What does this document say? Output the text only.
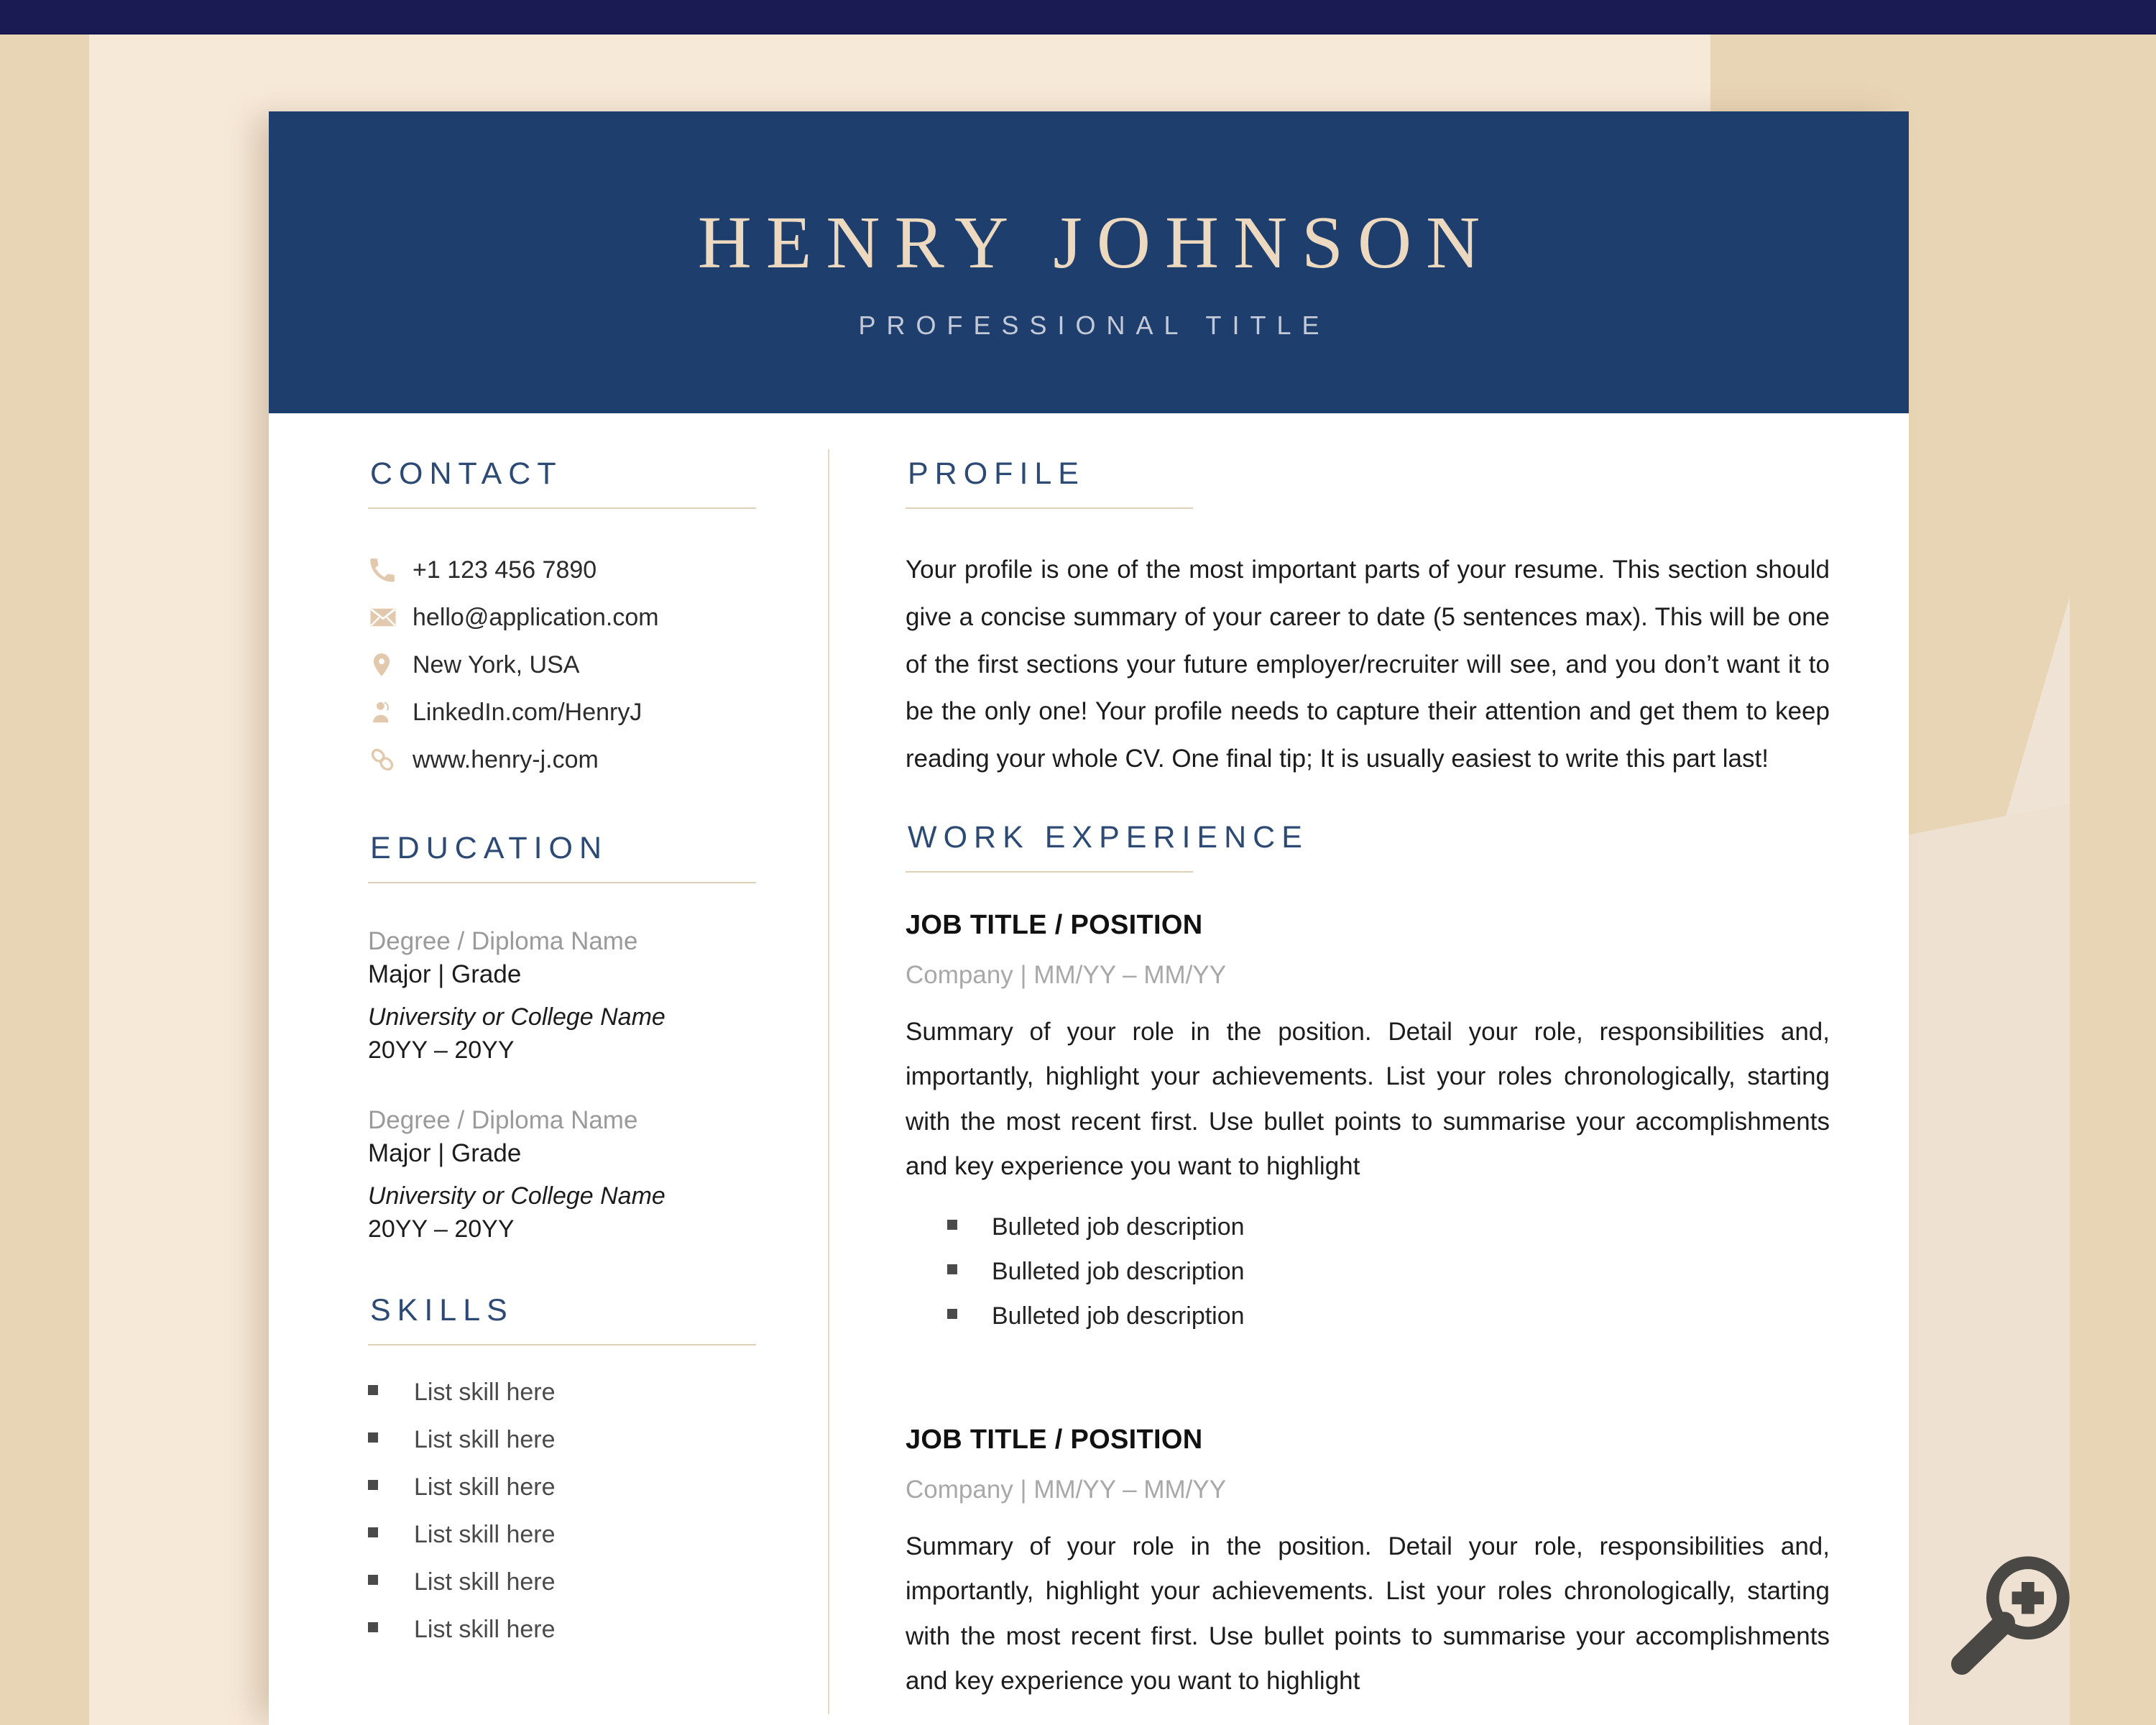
HENRY JOHNSON
PROFESSIONAL TITLE
CONTACT
+1 123 456 7890
hello@application.com
New York, USA
LinkedIn.com/HenryJ
www.henry-j.com
EDUCATION
Degree / Diploma Name
Major | Grade
University or College Name
20YY – 20YY
Degree / Diploma Name
Major | Grade
University or College Name
20YY – 20YY
SKILLS
List skill here
List skill here
List skill here
List skill here
List skill here
List skill here
PROFILE
Your profile is one of the most important parts of your resume. This section should give a concise summary of your career to date (5 sentences max). This will be one of the first sections your future employer/recruiter will see, and you don’t want it to be the only one! Your profile needs to capture their attention and get them to keep reading your whole CV. One final tip; It is usually easiest to write this part last!
WORK EXPERIENCE
JOB TITLE / POSITION
Company | MM/YY – MM/YY
Summary of your role in the position. Detail your role, responsibilities and, importantly, highlight your achievements. List your roles chronologically, starting with the most recent first. Use bullet points to summarise your accomplishments and key experience you want to highlight
Bulleted job description
Bulleted job description
Bulleted job description
JOB TITLE / POSITION
Company | MM/YY – MM/YY
Summary of your role in the position. Detail your role, responsibilities and, importantly, highlight your achievements. List your roles chronologically, starting with the most recent first. Use bullet points to summarise your accomplishments and key experience you want to highlight
